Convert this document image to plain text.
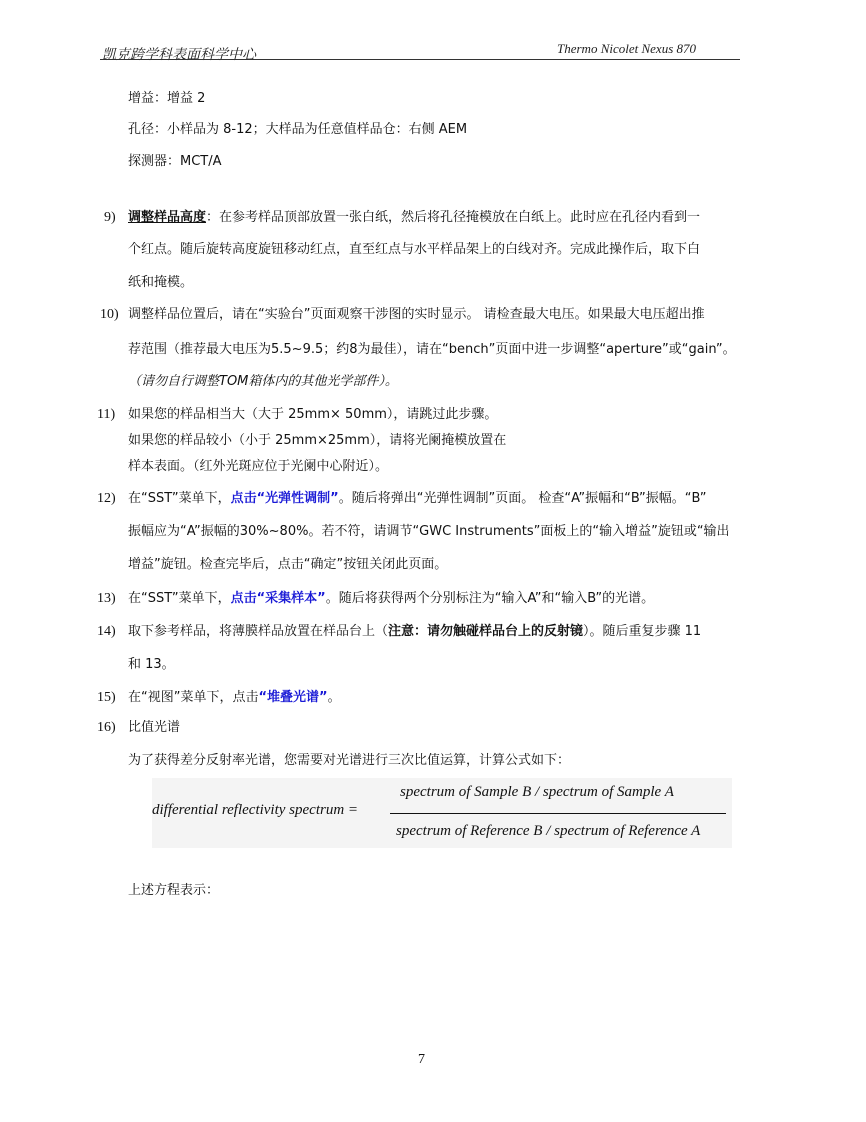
凯克跨学科表面科学中心	Thermo Nicolet Nexus 870
增益：增益 2
孔径：小样品为 8-12；大样品为任意值样品仓：右侧 AEM
探测器：MCT/A
9) 调整样品高度：在参考样品顶部放置一张白纸，然后将孔径掩模放在白纸上。此时应在孔径内看到一
个红点。随后旋转高度旋钮移动红点，直至红点与水平样品架上的白线对齐。完成此操作后，取下白
纸和掩模。
10) 调整样品位置后，请在“实验台”页面观察干涉图的实时显示。 请检查最大电压。如果最大电压超出推
荐范围（推荐最大电压为5.5~9.5；约8为最佳），请在“bench”页面中进一步调整“aperture”或“gain”。
（请勿自行调整TOM箱体内的其他光学部件）。
11) 如果您的样品相当大（大于 25mm× 50mm），请跳过此步骤。
如果您的样品较小（小于 25mm×25mm），请将光阑掩模放置在
样本表面。（红外光斑应位于光阑中心附近）。
12) 在“SST”菜单下，点击“光弹性调制”。随后将弹出“光弹性调制”页面。 检查“A”振幅和“B”振幅。“B”
振幅应为“A”振幅的30%~80%。若不符，请调节“GWC Instruments”面板上的“输入增益”旋钮或“输出
增益”旋钮。检查完毕后，点击“确定”按钮关闭此页面。
13) 在“SST”菜单下，点击“采集样本”。随后将获得两个分别标注为“输入A”和“输入B”的光谱。
14) 取下参考样品，将薄膜样品放置在样品台上（注意：请勿触碰样品台上的反射镜）。随后重复步骤 11
和 13。
15) 在“视图”菜单下，点击“堆叠光谱”。
16) 比值光谱
为了获得差分反射率光谱，您需要对光谱进行三次比值运算，计算公式如下：
differential reflectivity spectrum =
spectrum of Sample B / spectrum of Sample A
spectrum of Reference B / spectrum of Reference A
上述方程表示：
7
